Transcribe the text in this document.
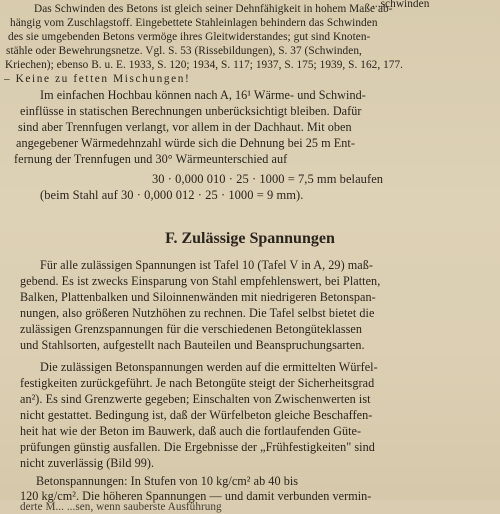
...schwinden
Das Schwinden des Betons ist gleich seiner Dehnfähigkeit in hohem Maße ab-
hängig vom Zuschlagstoff. Eingebettete Stahleinlagen behindern das Schwinden
des sie umgebenden Betons vermöge ihres Gleitwiderstandes; gut sind Knoten-
stähle oder Bewehrungsnetze. Vgl. S. 53 (Rissebildungen), S. 37 (Schwinden,
Kriechen); ebenso B. u. E. 1933, S. 120; 1934, S. 117; 1937, S. 175; 1939, S. 162, 177.
– Keine zu fetten Mischungen!
Im einfachen Hochbau können nach A, 16¹ Wärme- und Schwind-
einflüsse in statischen Berechnungen unberücksichtigt bleiben. Dafür
sind aber Trennfugen verlangt, vor allem in der Dachhaut. Mit oben
angegebener Wärmedehnzahl würde sich die Dehnung bei 25 m Ent-
fernung der Trennfugen und 30° Wärmeunterschied auf
30 · 0,000 010 · 25 · 1000 = 7,5 mm belaufen
(beim Stahl auf 30 · 0,000 012 · 25 · 1000 = 9 mm).
F. Zulässige Spannungen
Für alle zulässigen Spannungen ist Tafel 10 (Tafel V in A, 29) maß-
gebend. Es ist zwecks Einsparung von Stahl empfehlenswert, bei Platten,
Balken, Plattenbalken und Siloinnenwänden mit niedrigeren Betonspan-
nungen, also größeren Nutzhöhen zu rechnen. Die Tafel selbst bietet die
zulässigen Grenzspannungen für die verschiedenen Betongüteklassen
und Stahlsorten, aufgestellt nach Bauteilen und Beanspruchungsarten.
Die zulässigen Betonspannungen werden auf die ermittelten Würfel-
festigkeiten zurückgeführt. Je nach Betongüte steigt der Sicherheitsgrad
an²). Es sind Grenzwerte gegeben; Einschalten von Zwischenwerten ist
nicht gestattet. Bedingung ist, daß der Würfelbeton gleiche Beschaffen-
heit hat wie der Beton im Bauwerk, daß auch die fortlaufenden Güte-
prüfungen günstig ausfallen. Die Ergebnisse der „Frühfestigkeiten" sind
nicht zuverlässig (Bild 99).
Betonspannungen: In Stufen von 10 kg/cm² ab 40 bis
120 kg/cm². Die höheren Spannungen — und damit verbunden vermin-
derte M... ...sen, wenn sauberste Ausführung
